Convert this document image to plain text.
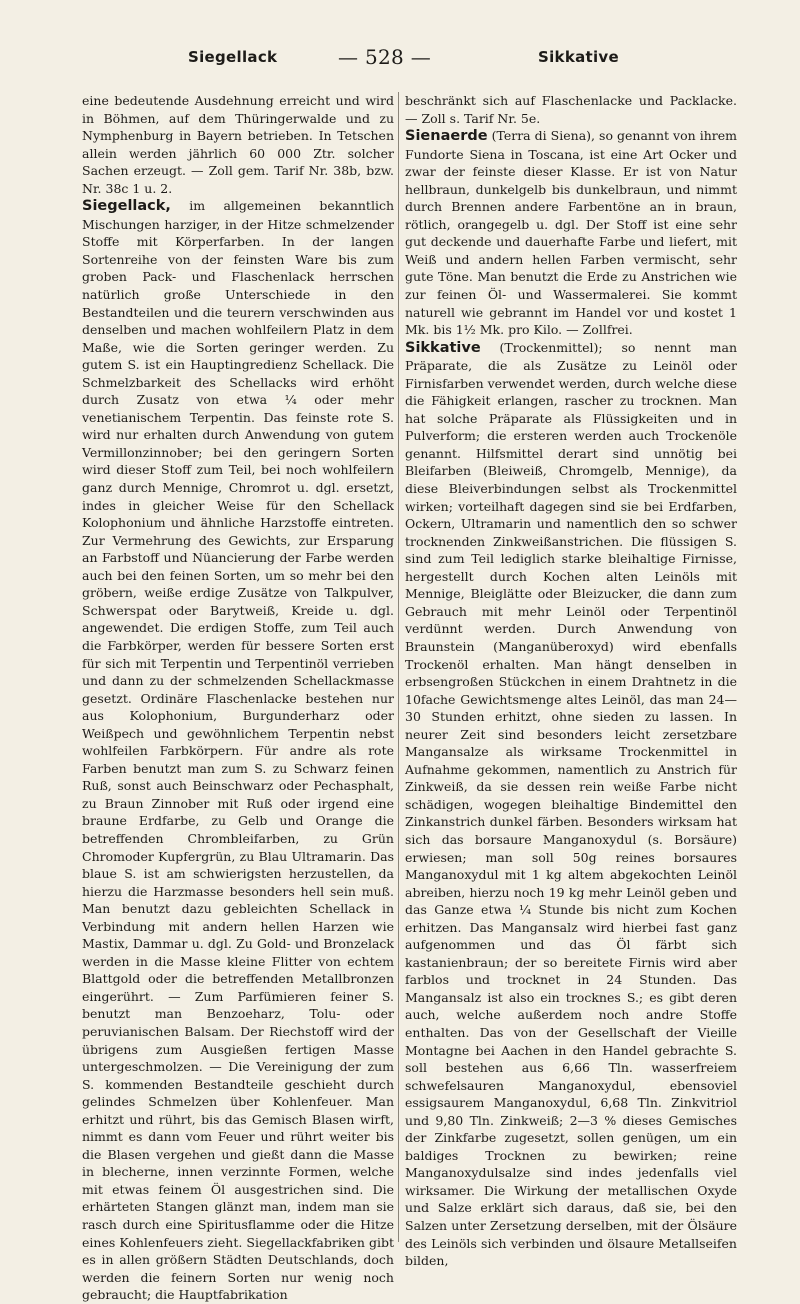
Siegellack	— 528 —	Sikkative

eine bedeutende Ausdehnung erreicht und wird in Böhmen, auf dem Thüringerwalde und zu Nymphenburg in Bayern betrieben. In Tetschen allein werden jährlich 60 000 Ztr. solcher Sachen erzeugt. — Zoll gem. Tarif Nr. 38b, bzw. Nr. 38c 1 u. 2.

Siegellack, im allgemeinen bekanntlich Mischungen harziger, in der Hitze schmelzender Stoffe mit Körperfarben. In der langen Sortenreihe von der feinsten Ware bis zum groben Pack- und Flaschenlack herrschen natürlich große Unterschiede in den Bestandteilen und die teurern verschwinden aus denselben und machen wohlfeilern Platz in dem Maße, wie die Sorten geringer werden. Zu gutem S. ist ein Hauptingredienz Schellack. Die Schmelzbarkeit des Schellacks wird erhöht durch Zusatz von etwa ¼ oder mehr venetianischem Terpentin. Das feinste rote S. wird nur erhalten durch Anwendung von gutem Vermillonzinnober; bei den geringern Sorten wird dieser Stoff zum Teil, bei noch wohlfeilern ganz durch Mennige, Chromrot u. dgl. ersetzt, indes in gleicher Weise für den Schellack Kolophonium und ähnliche Harzstoffe eintreten. Zur Vermehrung des Gewichts, zur Ersparung an Farbstoff und Nüancierung der Farbe werden auch bei den feinen Sorten, um so mehr bei den gröbern, weiße erdige Zusätze von Talkpulver, Schwerspat oder Barytweiß, Kreide u. dgl. angewendet. Die erdigen Stoffe, zum Teil auch die Farbkörper, werden für bessere Sorten erst für sich mit Terpentin und Terpentinöl verrieben und dann zu der schmelzenden Schellackmasse gesetzt. Ordinäre Flaschenlacke bestehen nur aus Kolophonium, Burgunderharz oder Weißpech und gewöhnlichem Terpentin nebst wohlfeilen Farbkörpern. Für andre als rote Farben benutzt man zum S. zu Schwarz feinen Ruß, sonst auch Beinschwarz oder Pechasphalt, zu Braun Zinnober mit Ruß oder irgend eine braune Erdfarbe, zu Gelb und Orange die betreffenden Chrombleifarben, zu Grün Chromoder Kupfergrün, zu Blau Ultramarin. Das blaue S. ist am schwierigsten herzustellen, da hierzu die Harzmasse besonders hell sein muß. Man benutzt dazu gebleichten Schellack in Verbindung mit andern hellen Harzen wie Mastix, Dammar u. dgl. Zu Gold- und Bronzelack werden in die Masse kleine Flitter von echtem Blattgold oder die betreffenden Metallbronzen eingerührt. — Zum Parfümieren feiner S. benutzt man Benzoeharz, Tolu- oder peruvianischen Balsam. Der Riechstoff wird der übrigens zum Ausgießen fertigen Masse untergeschmolzen. — Die Vereinigung der zum S. kommenden Bestandteile geschieht durch gelindes Schmelzen über Kohlenfeuer. Man erhitzt und rührt, bis das Gemisch Blasen wirft, nimmt es dann vom Feuer und rührt weiter bis die Blasen vergehen und gießt dann die Masse in blecherne, innen verzinnte Formen, welche mit etwas feinem Öl ausgestrichen sind. Die erhärteten Stangen glänzt man, indem man sie rasch durch eine Spiritusflamme oder die Hitze eines Kohlenfeuers zieht. Siegellackfabriken gibt es in allen größern Städten Deutschlands, doch werden die feinern Sorten nur wenig noch gebraucht; die Hauptfabrikation

beschränkt sich auf Flaschenlacke und Packlacke. — Zoll s. Tarif Nr. 5e.

Sienaerde (Terra di Siena), so genannt von ihrem Fundorte Siena in Toscana, ist eine Art Ocker und zwar der feinste dieser Klasse. Er ist von Natur hellbraun, dunkelgelb bis dunkelbraun, und nimmt durch Brennen andere Farbentöne an in braun, rötlich, orangegelb u. dgl. Der Stoff ist eine sehr gut deckende und dauerhafte Farbe und liefert, mit Weiß und andern hellen Farben vermischt, sehr gute Töne. Man benutzt die Erde zu Anstrichen wie zur feinen Öl- und Wassermalerei. Sie kommt naturell wie gebrannt im Handel vor und kostet 1 Mk. bis 1½ Mk. pro Kilo. — Zollfrei.

Sikkative (Trockenmittel); so nennt man Präparate, die als Zusätze zu Leinöl oder Firnisfarben verwendet werden, durch welche diese die Fähigkeit erlangen, rascher zu trocknen. Man hat solche Präparate als Flüssigkeiten und in Pulverform; die ersteren werden auch Trockenöle genannt. Hilfsmittel derart sind unnötig bei Bleifarben (Bleiweiß, Chromgelb, Mennige), da diese Bleiverbindungen selbst als Trockenmittel wirken; vorteilhaft dagegen sind sie bei Erdfarben, Ockern, Ultramarin und namentlich den so schwer trocknenden Zinkweißanstrichen. Die flüssigen S. sind zum Teil lediglich starke bleihaltige Firnisse, hergestellt durch Kochen alten Leinöls mit Mennige, Bleiglätte oder Bleizucker, die dann zum Gebrauch mit mehr Leinöl oder Terpentinöl verdünnt werden. Durch Anwendung von Braunstein (Manganüberoxyd) wird ebenfalls Trockenöl erhalten. Man hängt denselben in erbsengroßen Stückchen in einem Drahtnetz in die 10fache Gewichtsmenge altes Leinöl, das man 24—30 Stunden erhitzt, ohne sieden zu lassen. In neurer Zeit sind besonders leicht zersetzbare Mangansalze als wirksame Trockenmittel in Aufnahme gekommen, namentlich zu Anstrich für Zinkweiß, da sie dessen rein weiße Farbe nicht schädigen, wogegen bleihaltige Bindemittel den Zinkanstrich dunkel färben. Besonders wirksam hat sich das borsaure Manganoxydul (s. Borsäure) erwiesen; man soll 50g reines borsaures Manganoxydul mit 1 kg altem abgekochten Leinöl abreiben, hierzu noch 19 kg mehr Leinöl geben und das Ganze etwa ¼ Stunde bis nicht zum Kochen erhitzen. Das Mangansalz wird hierbei fast ganz aufgenommen und das Öl färbt sich kastanienbraun; der so bereitete Firnis wird aber farblos und trocknet in 24 Stunden. Das Mangansalz ist also ein trocknes S.; es gibt deren auch, welche außerdem noch andre Stoffe enthalten. Das von der Gesellschaft der Vieille Montagne bei Aachen in den Handel gebrachte S. soll bestehen aus 6,66 Tln. wasserfreiem schwefelsauren Manganoxydul, ebensoviel essigsaurem Manganoxydul, 6,68 Tln. Zinkvitriol und 9,80 Tln. Zinkweiß; 2—3 % dieses Gemisches der Zinkfarbe zugesetzt, sollen genügen, um ein baldiges Trocknen zu bewirken; reine Manganoxydulsalze sind indes jedenfalls viel wirksamer. Die Wirkung der metallischen Oxyde und Salze erklärt sich daraus, daß sie, bei den Salzen unter Zersetzung derselben, mit der Ölsäure des Leinöls sich verbinden und ölsaure Metallseifen bilden,
